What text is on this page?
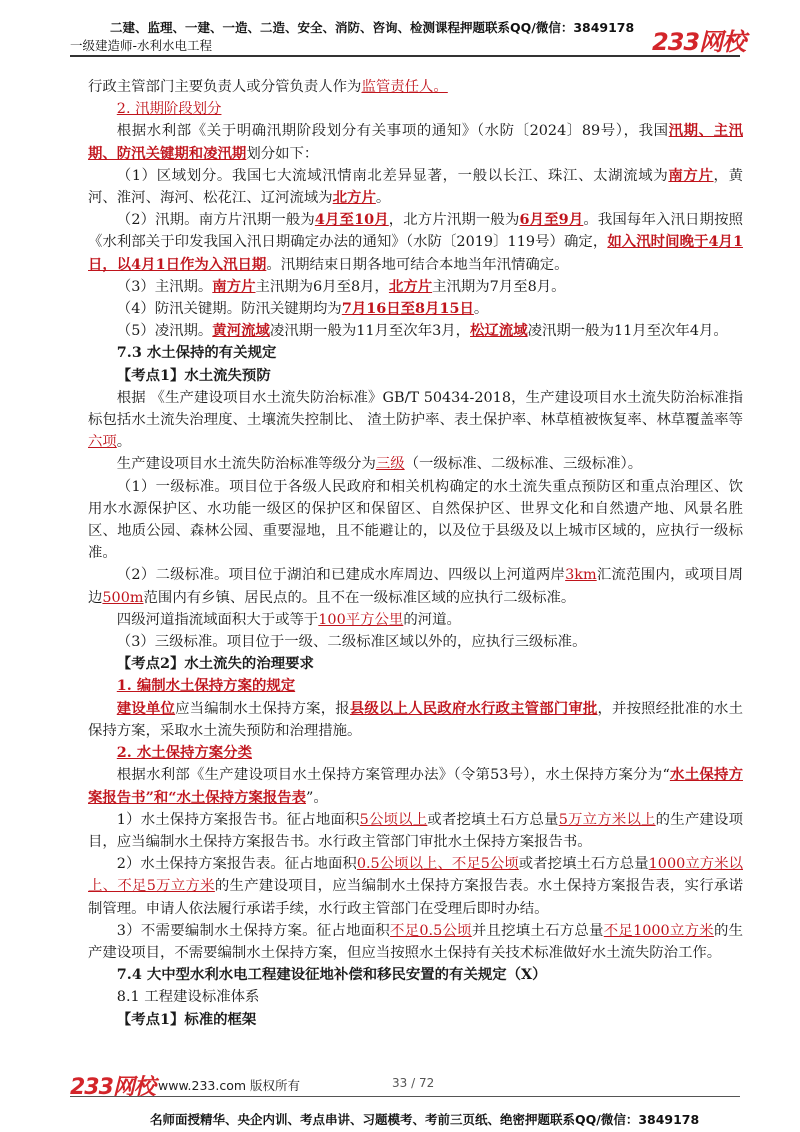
二建、监理、一建、一造、二造、安全、消防、咨询、检测课程押题联系QQ/微信：3849178
一级建造师-水利水电工程	233网校

行政主管部门主要负责人或分管负责人作为监管责任人。

2. 汛期阶段划分

根据水利部《关于明确汛期阶段划分有关事项的通知》（水防〔2024〕89号），我国汛期、主汛期、防汛关键期和凌汛期划分如下：

（1）区域划分。我国七大流域汛情南北差异显著，一般以长江、珠江、太湖流域为南方片，黄河、淮河、海河、松花江、辽河流域为北方片。

（2）汛期。南方片汛期一般为4月至10月，北方片汛期一般为6月至9月。我国每年入汛日期按照《水利部关于印发我国入汛日期确定办法的通知》（水防〔2019〕119号）确定，如入汛时间晚于4月1日，以4月1日作为入汛日期。汛期结束日期各地可结合本地当年汛情确定。

（3）主汛期。南方片主汛期为6月至8月，北方片主汛期为7月至8月。

（4）防汛关键期。防汛关键期均为7月16日至8月15日。

（5）凌汛期。黄河流域凌汛期一般为11月至次年3月，松辽流域凌汛期一般为11月至次年4月。

7.3 水土保持的有关规定

【考点1】水土流失预防

根据 《生产建设项目水土流失防治标准》GB/T 50434-2018，生产建设项目水土流失防治标准指标包括水土流失治理度、土壤流失控制比、 渣土防护率、表土保护率、林草植被恢复率、林草覆盖率等六项。

生产建设项目水土流失防治标准等级分为三级（一级标准、二级标准、三级标准）。

（1）一级标准。项目位于各级人民政府和相关机构确定的水土流失重点预防区和重点治理区、饮用水水源保护区、水功能一级区的保护区和保留区、自然保护区、世界文化和自然遗产地、风景名胜区、地质公园、森林公园、重要湿地，且不能避让的，以及位于县级及以上城市区域的，应执行一级标准。

（2）二级标准。项目位于湖泊和已建成水库周边、四级以上河道两岸3km汇流范围内，或项目周边500m范围内有乡镇、居民点的。且不在一级标准区域的应执行二级标准。

四级河道指流域面积大于或等于100平方公里的河道。

（3）三级标准。项目位于一级、二级标准区域以外的，应执行三级标准。

【考点2】水土流失的治理要求

1. 编制水土保持方案的规定

建设单位应当编制水土保持方案，报县级以上人民政府水行政主管部门审批，并按照经批准的水土保持方案，采取水土流失预防和治理措施。

2. 水土保持方案分类

根据水利部《生产建设项目水土保持方案管理办法》（令第53号），水土保持方案分为“水土保持方案报告书”和“水土保持方案报告表”。

1）水土保持方案报告书。征占地面积5公顷以上或者挖填土石方总量5万立方米以上的生产建设项目，应当编制水土保持方案报告书。水行政主管部门审批水土保持方案报告书。

2）水土保持方案报告表。征占地面积0.5公顷以上、不足5公顷或者挖填土石方总量1000立方米以上、不足5万立方米的生产建设项目，应当编制水土保持方案报告表。水土保持方案报告表，实行承诺制管理。申请人依法履行承诺手续，水行政主管部门在受理后即时办结。

3）不需要编制水土保持方案。征占地面积不足0.5公顷并且挖填土石方总量不足1000立方米的生产建设项目，不需要编制水土保持方案，但应当按照水土保持有关技术标准做好水土流失防治工作。

7.4 大中型水利水电工程建设征地补偿和移民安置的有关规定（X）

8.1 工程建设标准体系

【考点1】标准的框架

233网校 www.233.com 版权所有	33 / 72
名师面授精华、央企内训、考点串讲、习题模考、考前三页纸、绝密押题联系QQ/微信：3849178
